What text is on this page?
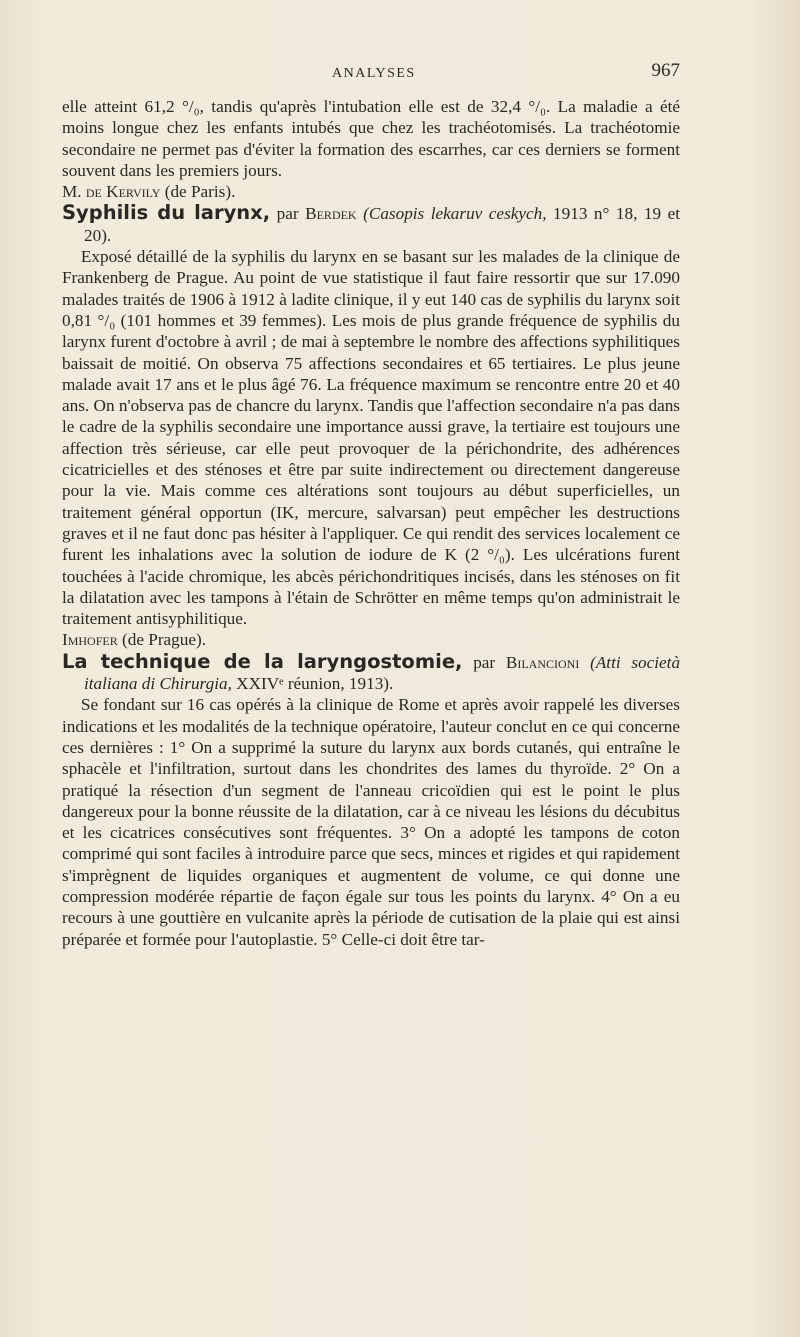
ANALYSES	967

elle atteint 61,2 °/₀, tandis qu'après l'intubation elle est de 32,4 °/₀. La maladie a été moins longue chez les enfants intubés que chez les trachéotomisés. La trachéotomie secondaire ne permet pas d'éviter la formation des escarrhes, car ces derniers se forment souvent dans les premiers jours.

M. de Kervily (de Paris).

Syphilis du larynx, par Berdek (Casopis lekaruv ceskych, 1913 n° 18, 19 et 20).

Exposé détaillé de la syphilis du larynx en se basant sur les malades de la clinique de Frankenberg de Prague. Au point de vue statistique il faut faire ressortir que sur 17.090 malades traités de 1906 à 1912 à ladite clinique, il y eut 140 cas de syphilis du larynx soit 0,81 °/₀ (101 hommes et 39 femmes). Les mois de plus grande fréquence de syphilis du larynx furent d'octobre à avril ; de mai à septembre le nombre des affections syphilitiques baissait de moitié. On observa 75 affections secondaires et 65 tertiaires. Le plus jeune malade avait 17 ans et le plus âgé 76. La fréquence maximum se rencontre entre 20 et 40 ans. On n'observa pas de chancre du larynx. Tandis que l'affection secondaire n'a pas dans le cadre de la syphilis secondaire une importance aussi grave, la tertiaire est toujours une affection très sérieuse, car elle peut provoquer de la périchondrite, des adhérences cicatricielles et des sténoses et être par suite indirectement ou directement dangereuse pour la vie. Mais comme ces altérations sont toujours au début superficielles, un traitement général opportun (IK, mercure, salvarsan) peut empêcher les destructions graves et il ne faut donc pas hésiter à l'appliquer. Ce qui rendit des services localement ce furent les inhalations avec la solution de iodure de K (2 °/₀). Les ulcérations furent touchées à l'acide chromique, les abcès périchondritiques incisés, dans les sténoses on fit la dilatation avec les tampons à l'étain de Schrötter en même temps qu'on administrait le traitement antisyphilitique.

Imhofer (de Prague).

La technique de la laryngostomie, par Bilancioni (Atti società italiana di Chirurgia, XXIVᵉ réunion, 1913).

Se fondant sur 16 cas opérés à la clinique de Rome et après avoir rappelé les diverses indications et les modalités de la technique opératoire, l'auteur conclut en ce qui concerne ces dernières : 1° On a supprimé la suture du larynx aux bords cutanés, qui entraîne le sphacèle et l'infiltration, surtout dans les chondrites des lames du thyroïde. 2° On a pratiqué la résection d'un segment de l'anneau cricoïdien qui est le point le plus dangereux pour la bonne réussite de la dilatation, car à ce niveau les lésions du décubitus et les cicatrices consécutives sont fréquentes. 3° On a adopté les tampons de coton comprimé qui sont faciles à introduire parce que secs, minces et rigides et qui rapidement s'imprègnent de liquides organiques et augmentent de volume, ce qui donne une compression modérée répartie de façon égale sur tous les points du larynx. 4° On a eu recours à une gouttière en vulcanite après la période de cutisation de la plaie qui est ainsi préparée et formée pour l'autoplastie. 5° Celle-ci doit être tar-
